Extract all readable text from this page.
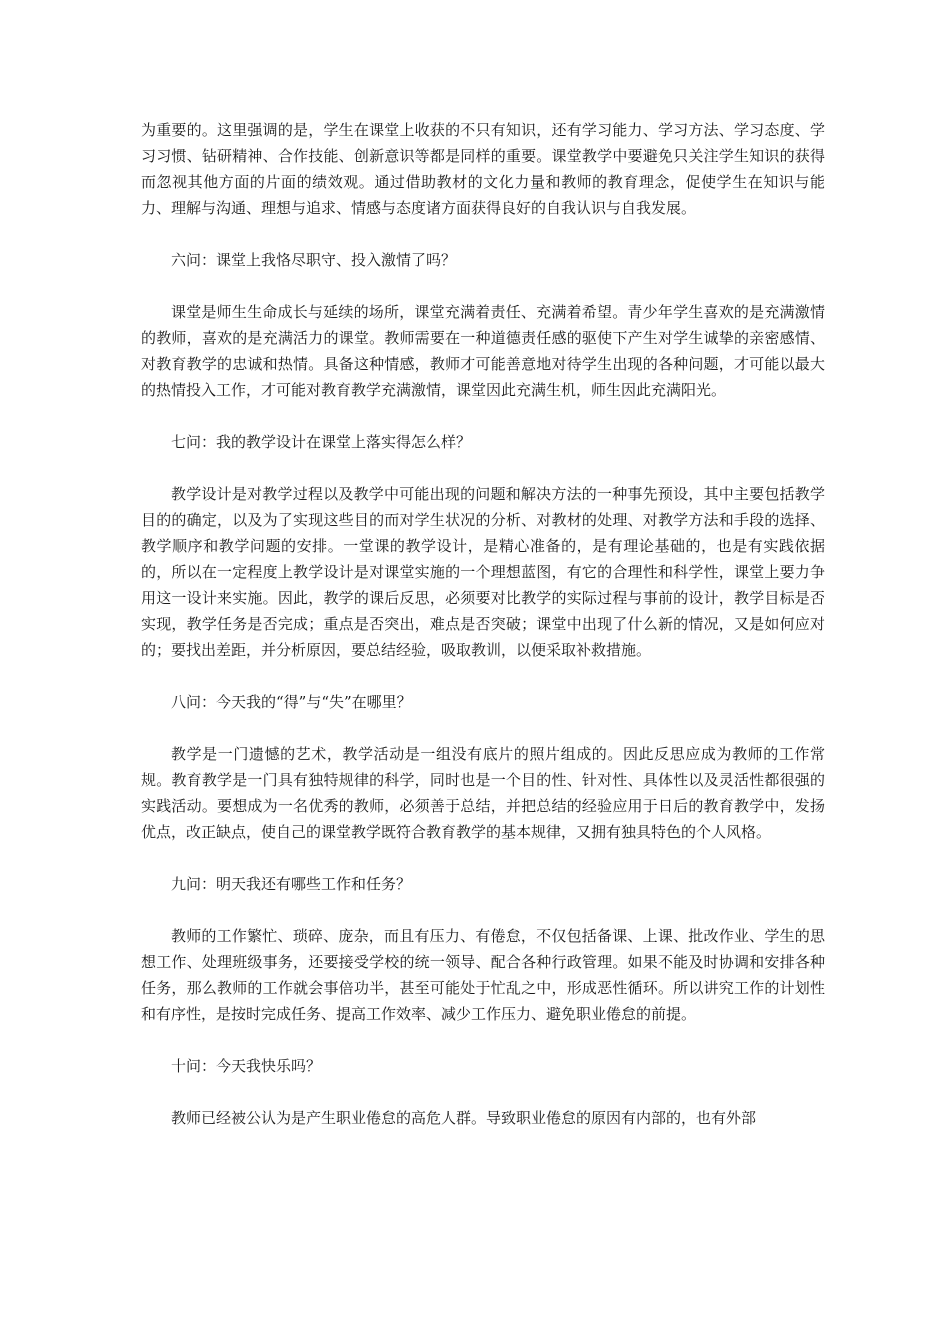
为重要的。这里强调的是，学生在课堂上收获的不只有知识，还有学习能力、学习方法、学习态度、学习习惯、钻研精神、合作技能、创新意识等都是同样的重要。课堂教学中要避免只关注学生知识的获得而忽视其他方面的片面的绩效观。通过借助教材的文化力量和教师的教育理念，促使学生在知识与能力、理解与沟通、理想与追求、情感与态度诸方面获得良好的自我认识与自我发展。

六问：课堂上我恪尽职守、投入激情了吗？

课堂是师生生命成长与延续的场所，课堂充满着责任、充满着希望。青少年学生喜欢的是充满激情的教师，喜欢的是充满活力的课堂。教师需要在一种道德责任感的驱使下产生对学生诚挚的亲密感情、对教育教学的忠诚和热情。具备这种情感，教师才可能善意地对待学生出现的各种问题，才可能以最大的热情投入工作，才可能对教育教学充满激情，课堂因此充满生机，师生因此充满阳光。

七问：我的教学设计在课堂上落实得怎么样？

教学设计是对教学过程以及教学中可能出现的问题和解决方法的一种事先预设，其中主要包括教学目的的确定，以及为了实现这些目的而对学生状况的分析、对教材的处理、对教学方法和手段的选择、教学顺序和教学问题的安排。一堂课的教学设计，是精心准备的，是有理论基础的，也是有实践依据的，所以在一定程度上教学设计是对课堂实施的一个理想蓝图，有它的合理性和科学性，课堂上要力争用这一设计来实施。因此，教学的课后反思，必须要对比教学的实际过程与事前的设计，教学目标是否实现，教学任务是否完成；重点是否突出，难点是否突破；课堂中出现了什么新的情况，又是如何应对的；要找出差距，并分析原因，要总结经验，吸取教训，以便采取补救措施。

八问：今天我的“得”与“失”在哪里？

教学是一门遗憾的艺术，教学活动是一组没有底片的照片组成的。因此反思应成为教师的工作常规。教育教学是一门具有独特规律的科学，同时也是一个目的性、针对性、具体性以及灵活性都很强的实践活动。要想成为一名优秀的教师，必须善于总结，并把总结的经验应用于日后的教育教学中，发扬优点，改正缺点，使自己的课堂教学既符合教育教学的基本规律，又拥有独具特色的个人风格。

九问：明天我还有哪些工作和任务？

教师的工作繁忙、琐碎、庞杂，而且有压力、有倦怠，不仅包括备课、上课、批改作业、学生的思想工作、处理班级事务，还要接受学校的统一领导、配合各种行政管理。如果不能及时协调和安排各种任务，那么教师的工作就会事倍功半，甚至可能处于忙乱之中，形成恶性循环。所以讲究工作的计划性和有序性，是按时完成任务、提高工作效率、减少工作压力、避免职业倦怠的前提。

十问：今天我快乐吗？

教师已经被公认为是产生职业倦怠的高危人群。导致职业倦怠的原因有内部的，也有外部
